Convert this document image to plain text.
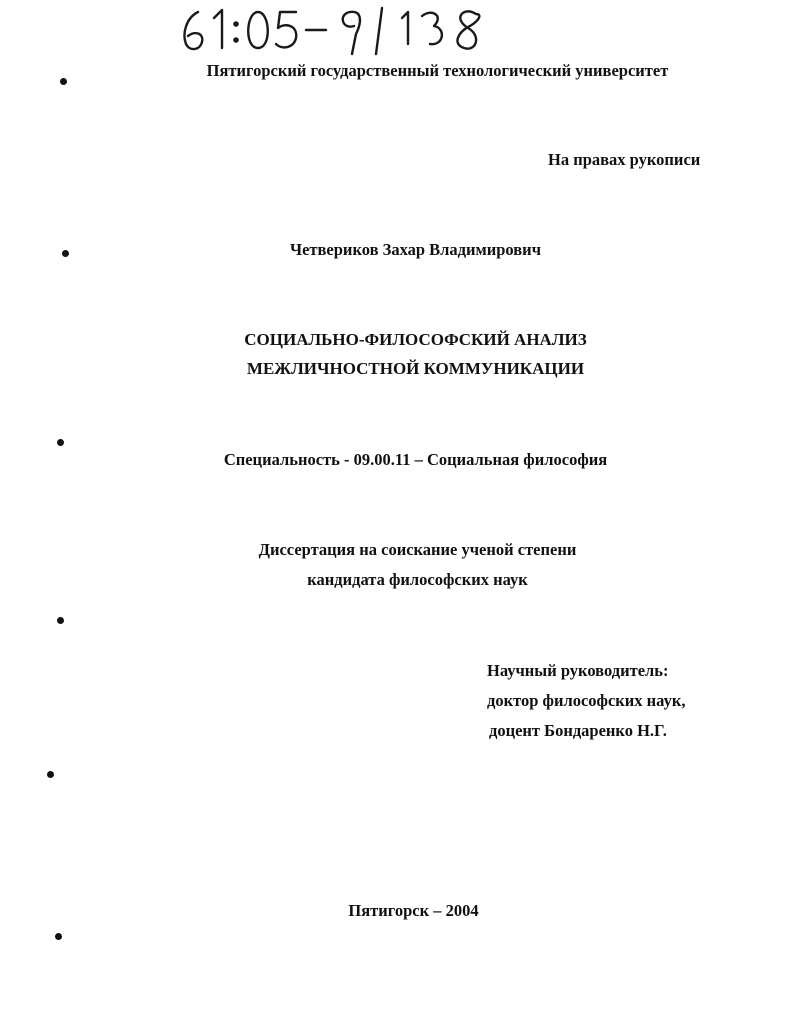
Пятигорский государственный технологический университет
На правах рукописи
Четвериков Захар Владимирович
СОЦИАЛЬНО-ФИЛОСОФСКИЙ АНАЛИЗ
МЕЖЛИЧНОСТНОЙ КОММУНИКАЦИИ
Специальность - 09.00.11 – Социальная философия
Диссертация на соискание ученой степени
кандидата философских наук
Научный руководитель:
доктор философских наук,
доцент Бондаренко Н.Г.
Пятигорск – 2004
